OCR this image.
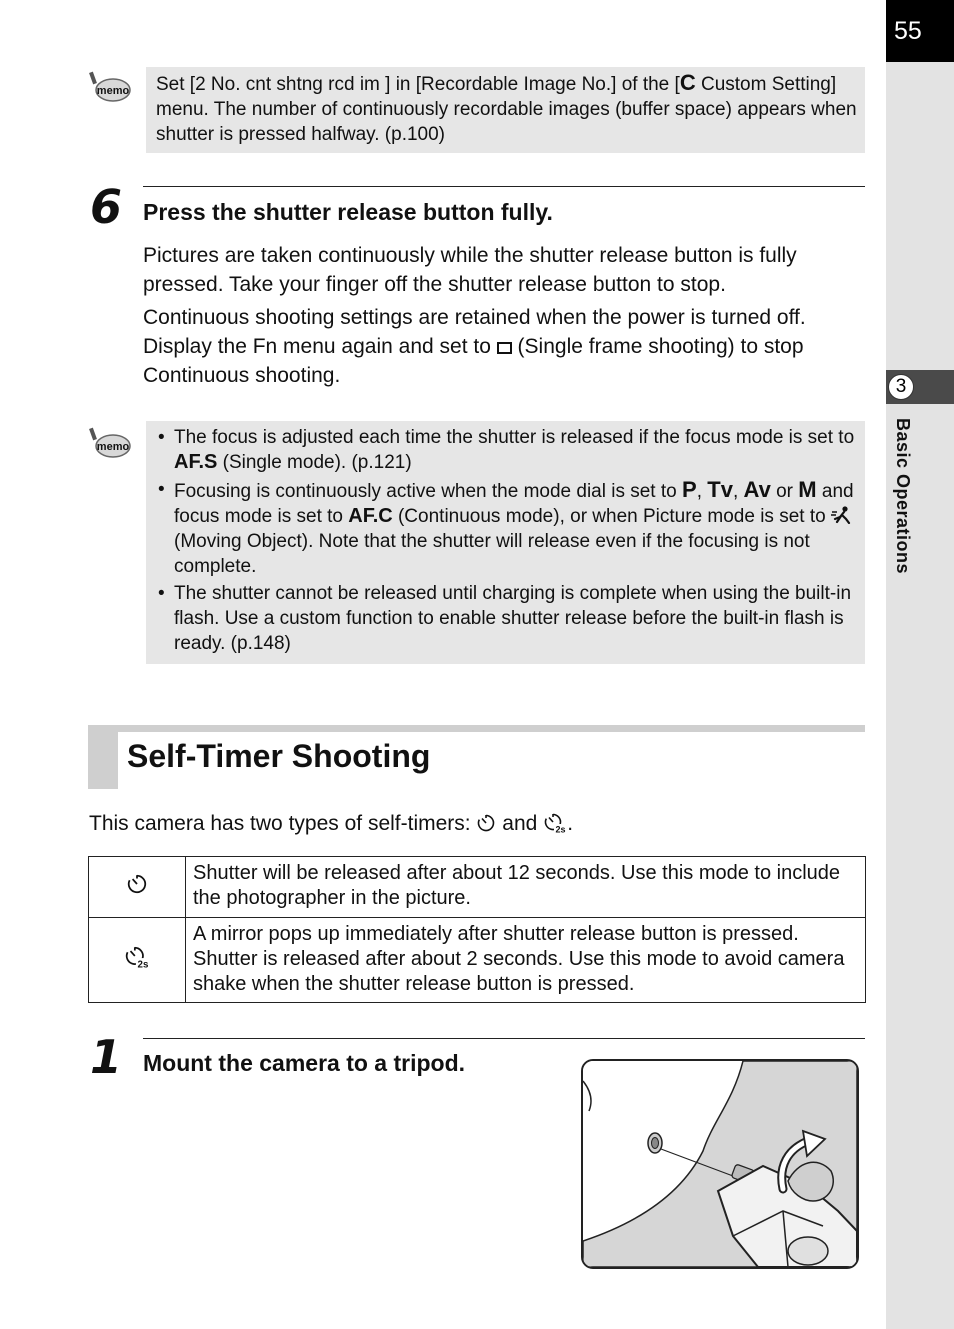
55
3
Basic Operations
memo Set [2 No. cnt shtng rcd im ] in [Recordable Image No.] of the [C Custom Setting] menu. The number of continuously recordable images (buffer space) appears when shutter is pressed halfway. (p.100)

6 Press the shutter release button fully.

Pictures are taken continuously while the shutter release button is fully pressed. Take your finger off the shutter release button to stop.

Continuous shooting settings are retained when the power is turned off. Display the Fn menu again and set to  (Single frame shooting) to stop Continuous shooting.

memo	• The focus is adjusted each time the shutter is released if the focus mode is set to AF.S (Single mode). (p.121)
• Focusing is continuously active when the mode dial is set to P, Tv, Av or M and focus mode is set to AF.C (Continuous mode), or when Picture mode is set to  (Moving Object). Note that the shutter will release even if the focusing is not complete.
• The shutter cannot be released until charging is complete when using the built-in flash. Use a custom function to enable shutter release before the built-in flash is ready. (p.148)
Self-Timer Shooting
This camera has two types of self-timers:  and 2s .
	Shutter will be released after about 12 seconds. Use this mode to include the photographer in the picture.

2s	A mirror pops up immediately after shutter release button is pressed. Shutter is released after about 2 seconds. Use this mode to avoid camera shake when the shutter release button is pressed.
1 Mount the camera to a tripod.
